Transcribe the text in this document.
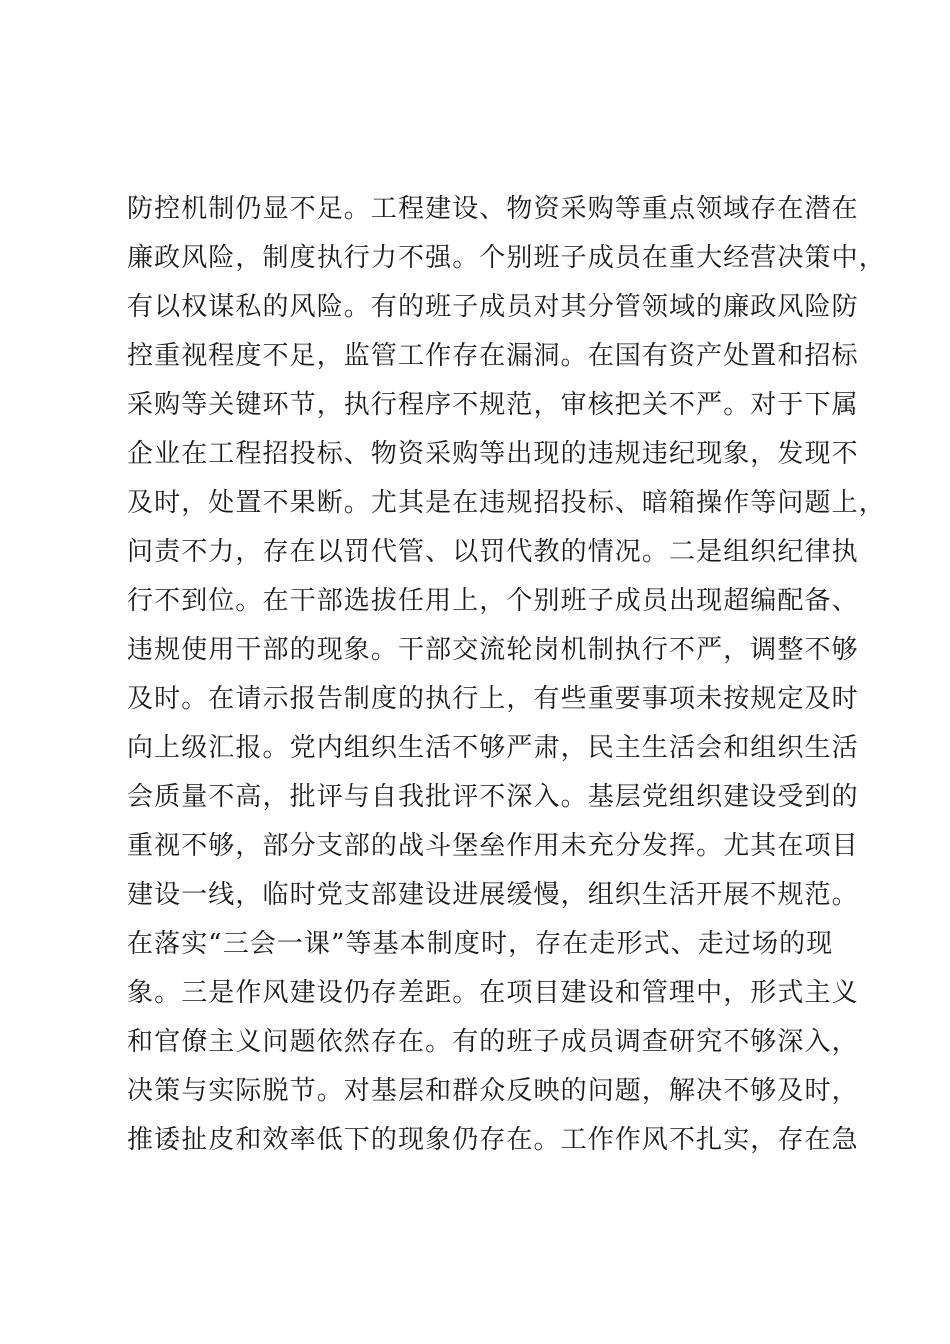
防控机制仍显不足。工程建设、物资采购等重点领域存在潜在
廉政风险，制度执行力不强。个别班子成员在重大经营决策中，
有以权谋私的风险。有的班子成员对其分管领域的廉政风险防
控重视程度不足，监管工作存在漏洞。在国有资产处置和招标
采购等关键环节，执行程序不规范，审核把关不严。对于下属
企业在工程招投标、物资采购等出现的违规违纪现象，发现不
及时，处置不果断。尤其是在违规招投标、暗箱操作等问题上，
问责不力，存在以罚代管、以罚代教的情况。二是组织纪律执
行不到位。在干部选拔任用上，个别班子成员出现超编配备、
违规使用干部的现象。干部交流轮岗机制执行不严，调整不够
及时。在请示报告制度的执行上，有些重要事项未按规定及时
向上级汇报。党内组织生活不够严肃，民主生活会和组织生活
会质量不高，批评与自我批评不深入。基层党组织建设受到的
重视不够，部分支部的战斗堡垒作用未充分发挥。尤其在项目
建设一线，临时党支部建设进展缓慢，组织生活开展不规范。
在落实“三会一课”等基本制度时，存在走形式、走过场的现
象。三是作风建设仍存差距。在项目建设和管理中，形式主义
和官僚主义问题依然存在。有的班子成员调查研究不够深入，
决策与实际脱节。对基层和群众反映的问题，解决不够及时，
推诿扯皮和效率低下的现象仍存在。工作作风不扎实，存在急
